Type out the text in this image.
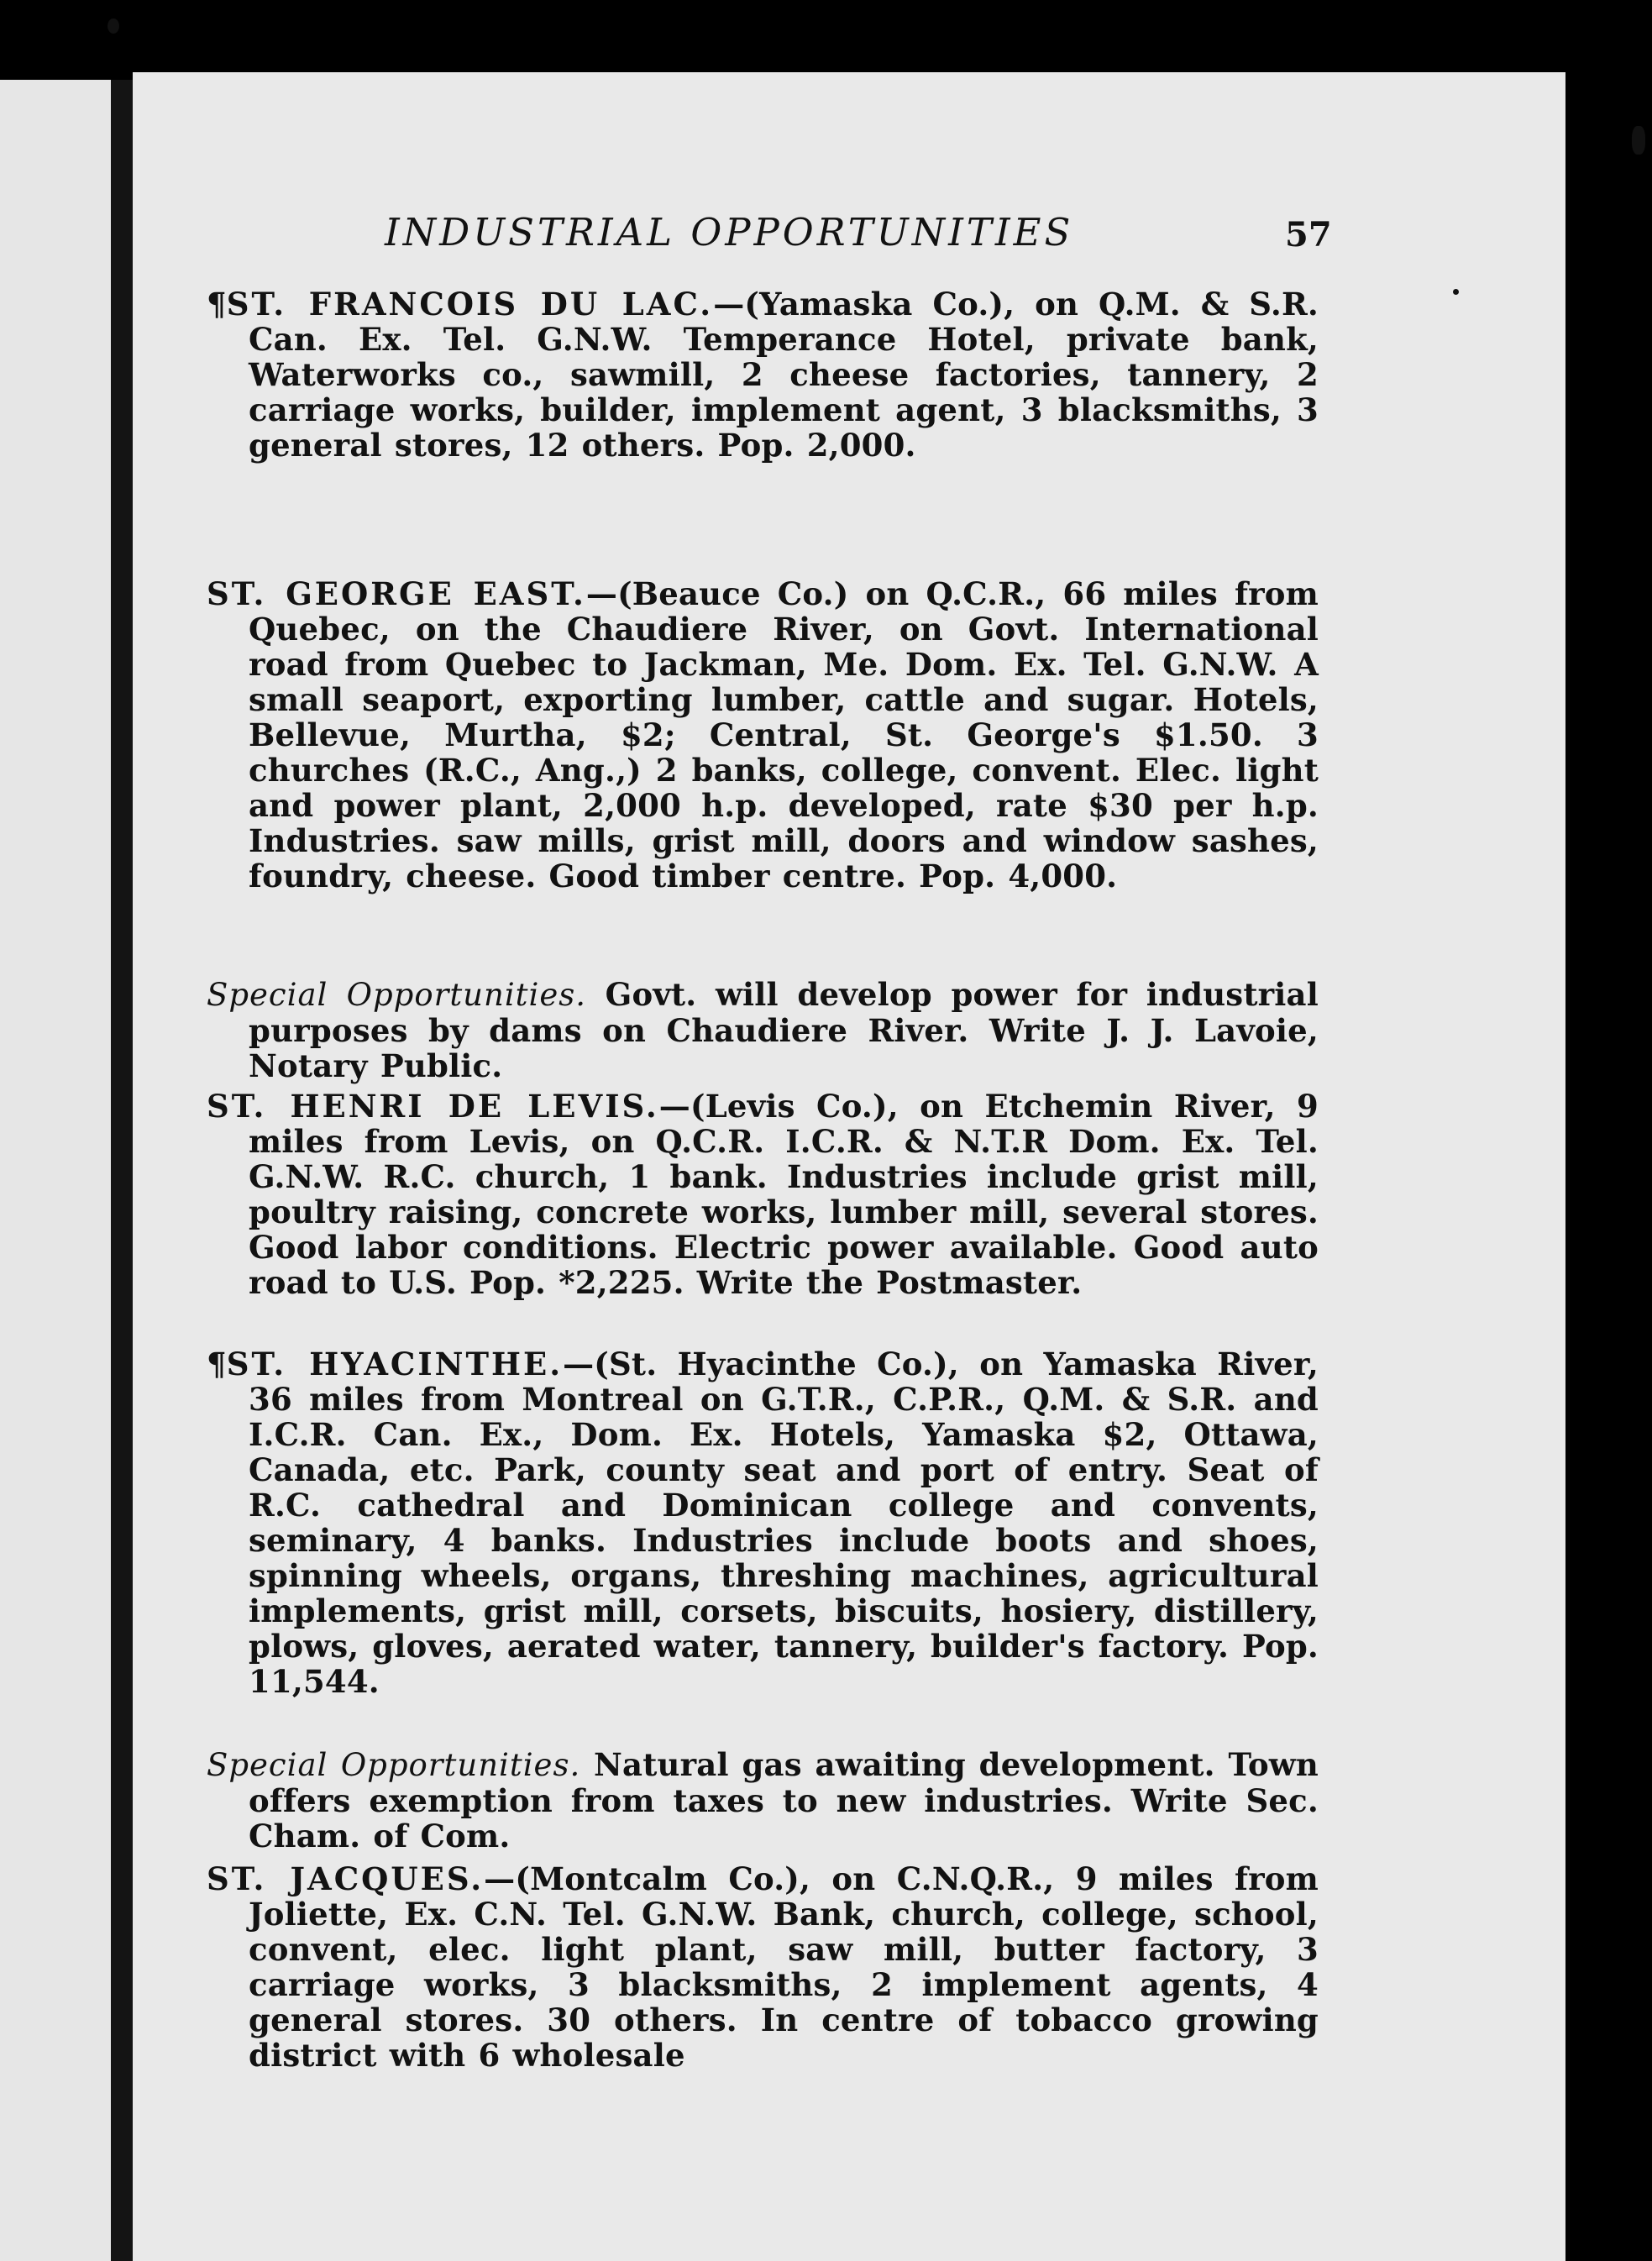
INDUSTRIAL OPPORTUNITIES	57
¶ST. FRANCOIS DU LAC.—(Yamaska Co.), on Q.M. & S.R. Can. Ex. Tel. G.N.W. Temperance Hotel, private bank, Waterworks co., sawmill, 2 cheese factories, tannery, 2 carriage works, builder, implement agent, 3 blacksmiths, 3 general stores, 12 others. Pop. 2,000.
ST. GEORGE EAST.—(Beauce Co.) on Q.C.R., 66 miles from Quebec, on the Chaudiere River, on Govt. International road from Quebec to Jackman, Me. Dom. Ex. Tel. G.N.W. A small seaport, exporting lumber, cattle and sugar. Hotels, Bellevue, Murtha, $2; Central, St. George's $1.50. 3 churches (R.C., Ang.,) 2 banks, college, convent. Elec. light and power plant, 2,000 h.p. developed, rate $30 per h.p. Industries. saw mills, grist mill, doors and window sashes, foundry, cheese. Good timber centre. Pop. 4,000.
Special Opportunities. Govt. will develop power for industrial purposes by dams on Chaudiere River. Write J. J. Lavoie, Notary Public.
ST. HENRI DE LEVIS.—(Levis Co.), on Etchemin River, 9 miles from Levis, on Q.C.R. I.C.R. & N.T.R Dom. Ex. Tel. G.N.W. R.C. church, 1 bank. Industries include grist mill, poultry raising, concrete works, lumber mill, several stores. Good labor conditions. Electric power available. Good auto road to U.S. Pop. *2,225. Write the Postmaster.
¶ST. HYACINTHE.—(St. Hyacinthe Co.), on Yamaska River, 36 miles from Montreal on G.T.R., C.P.R., Q.M. & S.R. and I.C.R. Can. Ex., Dom. Ex. Hotels, Yamaska $2, Ottawa, Canada, etc. Park, county seat and port of entry. Seat of R.C. cathedral and Dominican college and convents, seminary, 4 banks. Industries include boots and shoes, spinning wheels, organs, threshing machines, agricultural implements, grist mill, corsets, biscuits, hosiery, distillery, plows, gloves, aerated water, tannery, builder's factory. Pop. 11,544.
Special Opportunities. Natural gas awaiting development. Town offers exemption from taxes to new industries. Write Sec. Cham. of Com.
ST. JACQUES.—(Montcalm Co.), on C.N.Q.R., 9 miles from Joliette, Ex. C.N. Tel. G.N.W. Bank, church, college, school, convent, elec. light plant, saw mill, butter factory, 3 carriage works, 3 blacksmiths, 2 implement agents, 4 general stores. 30 others. In centre of tobacco growing district with 6 wholesale
